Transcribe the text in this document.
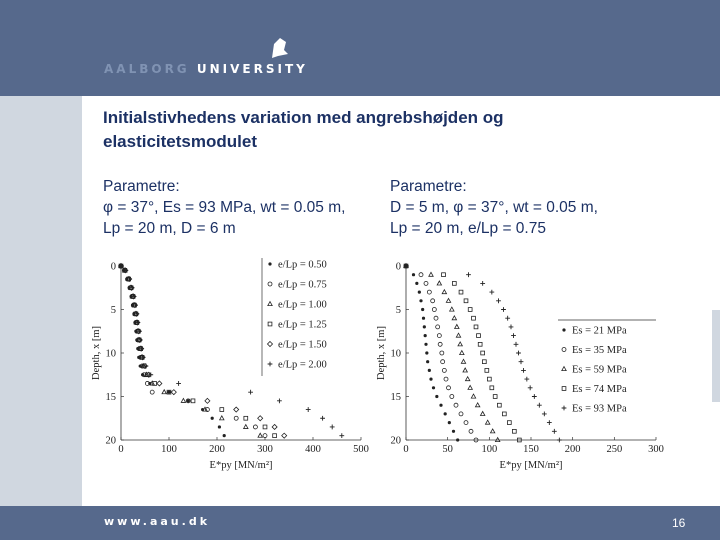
AALBORG UNIVERSITY
Initialstivhedens variation med angrebshøjden og
elasticitetsmodulet
Parametre:
φ = 37°, Es = 93 MPa, wt = 0.05 m,
Lp = 20 m, D = 6 m
Parametre:
D = 5 m, φ = 37°, wt = 0.05 m,
Lp = 20 m, e/Lp = 0.75
0	100	200	300	400	500
0
5
10
15
20
Depth, x [m]
E*py [MN/m²]
e/Lp = 0.50
e/Lp = 0.75
e/Lp = 1.00
e/Lp = 1.25
e/Lp = 1.50
e/Lp = 2.00
0	50	100 150 200 250 300
0
5
10
15
20
Depth, x [m]
E*py [MN/m²]
Es = 21 MPa
Es = 35 MPa
Es = 59 MPa
Es = 74 MPa
Es = 93 MPa
www.aau.dk	16
